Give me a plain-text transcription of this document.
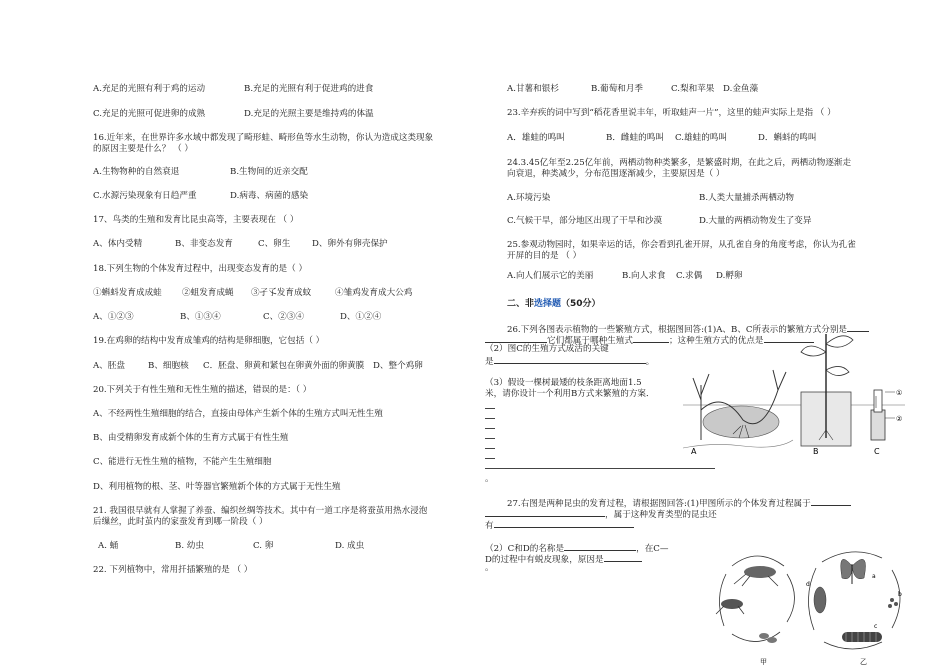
A.充足的光照有利于鸡的运动	B.充足的光照有利于促进鸡的进食
C.充足的光照可促进卵的成熟	D.充足的光照主要是维持鸡的体温
16.近年来，在世界许多水域中都发现了畸形蛙、畸形鱼等水生动物，你认为造成这类现象
的原因主要是什么？ （ ）
A.生物物种的自然衰退	B.生物间的近亲交配
C.水源污染现象有日趋严重	D.病毒、病菌的感染
17、鸟类的生殖和发育比昆虫高等，主要表现在 （ ）
A、体内受精	B、非变态发育	C、卵生	D、卵外有卵壳保护
18.下列生物的个体发育过程中，出现变态发育的是（ ）
①蝌蚪发育成成蛙 ②蛆发育成蝇 ③孑孓发育成蚊	④雏鸡发育成大公鸡
A、①②③	B、①③④	C、②③④	D、①②④
19.在鸡卵的结构中发育成雏鸡的结构是卵细胞，它包括（ ）
A、胚盘	B、细胞核 C．胚盘、卵黄和紧包在卵黄外面的卵黄膜 D、整个鸡卵
20.下列关于有性生殖和无性生殖的描述，错误的是：（ ）
A、不经两性生殖细胞的结合，直接由母体产生新个体的生殖方式叫无性生殖
B、由受精卵发育成新个体的生育方式属于有性生殖
C、能进行无性生殖的植物，不能产生生殖细胞
D、利用植物的根、茎、叶等器官繁殖新个体的方式属于无性生殖
21. 我国很早就有人掌握了养蚕、编织丝绸等技术。其中有一道工序是将蚕茧用热水浸泡
后缫丝，此时茧内的家蚕发育到哪一阶段（ ）
A. 蛹	B. 幼虫	C. 卵	D. 成虫
22. 下列植物中，常用扦插繁殖的是 （ ）
A.甘薯和银杉	B.葡萄和月季	C.梨和苹果 D.金鱼藻
23.辛弃疾的词中写到“稻花香里说丰年，听取蛙声一片”，这里的蛙声实际上是指 （ ）
A．雄蛙的鸣叫	B．雌蛙的鸣叫 C.雄蛙的鸣叫	D．蝌蚪的鸣叫
24.3.45亿年至2.25亿年前，两栖动物种类繁多，是繁盛时期，在此之后，两栖动物逐渐走
向衰退，种类减少，分布范围逐渐减少，主要原因是（ ）
A.环境污染	B.人类大量捕杀两栖动物
C.气候干旱，部分地区出现了干旱和沙漠	D.大量的两栖动物发生了变异
25.参观动物园时，如果幸运的话，你会看到孔雀开屏，从孔雀自身的角度考虑，你认为孔雀
开屏的目的是 （ ）
A.向人们展示它的美丽	B.向人求食 C.求偶 D.孵卵
二、非选择题（50分）
26.下列各图表示植物的一些繁殖方式，根据图回答:(1)A、B、C所表示的繁殖方式分别是
它们都属于哪种生殖式	；这种生殖方式的优点是
（2）图C的生殖方式成活的关键
是	。
（3）假设一棵树最矮的枝条距离地面1.5
米，请你设计一个利用B方式来繁殖的方案．
。
A	B
①
②
C
27.右图是两种昆虫的发育过程，请根据图回答:(1)甲图所示的个体发育过程属于
，属于这种发育类型的昆虫还
有
（2）C和D的名称是	，在C—
D的过程中有蜕皮现象，原因是
。
甲
a
b
c
d
乙
